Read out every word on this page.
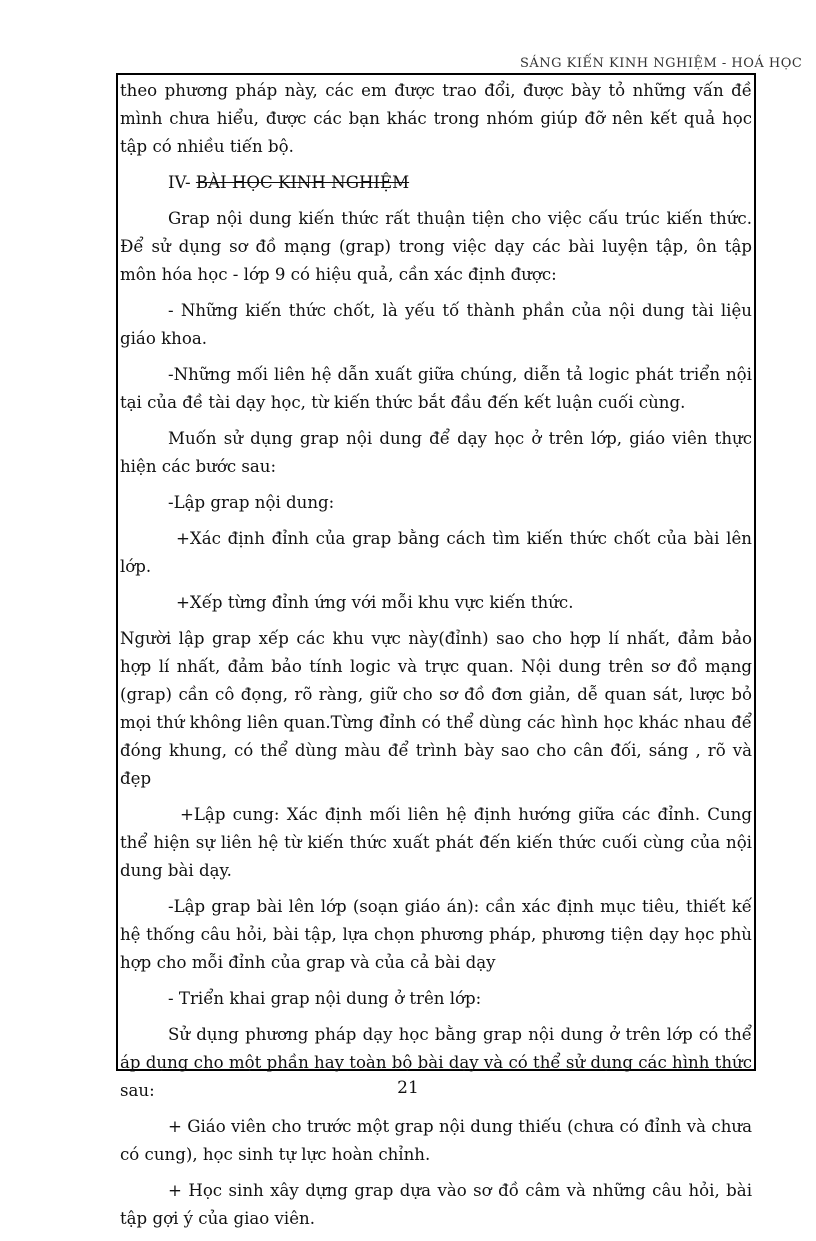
SÁNG KIẾN KINH NGHIỆM - HOÁ HỌC

theo phương pháp này, các em được trao đổi, được bày tỏ những vấn đề mình chưa hiểu, được các bạn khác trong nhóm giúp đỡ nên kết quả học tập có nhiều tiến bộ.

IV- BÀI HỌC KINH NGHIỆM

Grap nội dung kiến thức rất thuận tiện cho việc cấu trúc kiến thức. Để sử dụng sơ đồ mạng (grap) trong việc dạy các bài luyện tập, ôn tập môn hóa học - lớp 9 có hiệu quả, cần xác định được:

- Những kiến thức chốt, là yếu tố thành phần của nội dung tài liệu giáo khoa.

-Những mối liên hệ dẫn xuất giữa chúng, diễn tả logic phát triển nội tại của đề tài dạy học, từ kiến thức bắt đầu đến kết luận cuối cùng.

Muốn sử dụng grap nội dung để dạy học ở trên lớp, giáo viên thực hiện các bước sau:

-Lập grap nội dung:

+Xác định đỉnh của grap bằng cách tìm kiến thức chốt của bài lên lớp.

+Xếp từng đỉnh ứng với mỗi khu vực kiến thức.

Người lập grap xếp các khu vực này(đỉnh) sao cho hợp lí nhất, đảm bảo hợp lí nhất, đảm bảo tính logic và trực quan. Nội dung trên sơ đồ mạng (grap) cần cô đọng, rõ ràng, giữ cho sơ đồ đơn giản, dễ quan sát, lược bỏ mọi thứ không liên quan.Từng đỉnh có thể dùng các hình học khác nhau để đóng khung, có thể dùng màu để trình bày sao cho cân đối, sáng , rõ và đẹp

+Lập cung: Xác định mối liên hệ định hướng giữa các đỉnh. Cung thể hiện sự liên hệ từ kiến thức xuất phát đến kiến thức cuối cùng của nội dung bài dạy.

-Lập grap bài lên lớp (soạn giáo án): cần xác định mục tiêu, thiết kế hệ thống câu hỏi, bài tập, lựa chọn phương pháp, phương tiện dạy học phù hợp cho mỗi đỉnh của grap và của cả bài dạy

- Triển khai grap nội dung ở trên lớp:

Sử dụng phương pháp dạy học bằng grap nội dung ở trên lớp có thể áp dụng cho một phần hay toàn bộ bài dạy và có thể sử dụng các hình thức sau:

+ Giáo viên cho trước một grap nội dung thiếu (chưa có đỉnh và chưa có cung), học sinh tự lực hoàn chỉnh.

+ Học sinh xây dựng grap dựa vào sơ đồ câm và những câu hỏi, bài tập gợi ý của giao viên.

21
